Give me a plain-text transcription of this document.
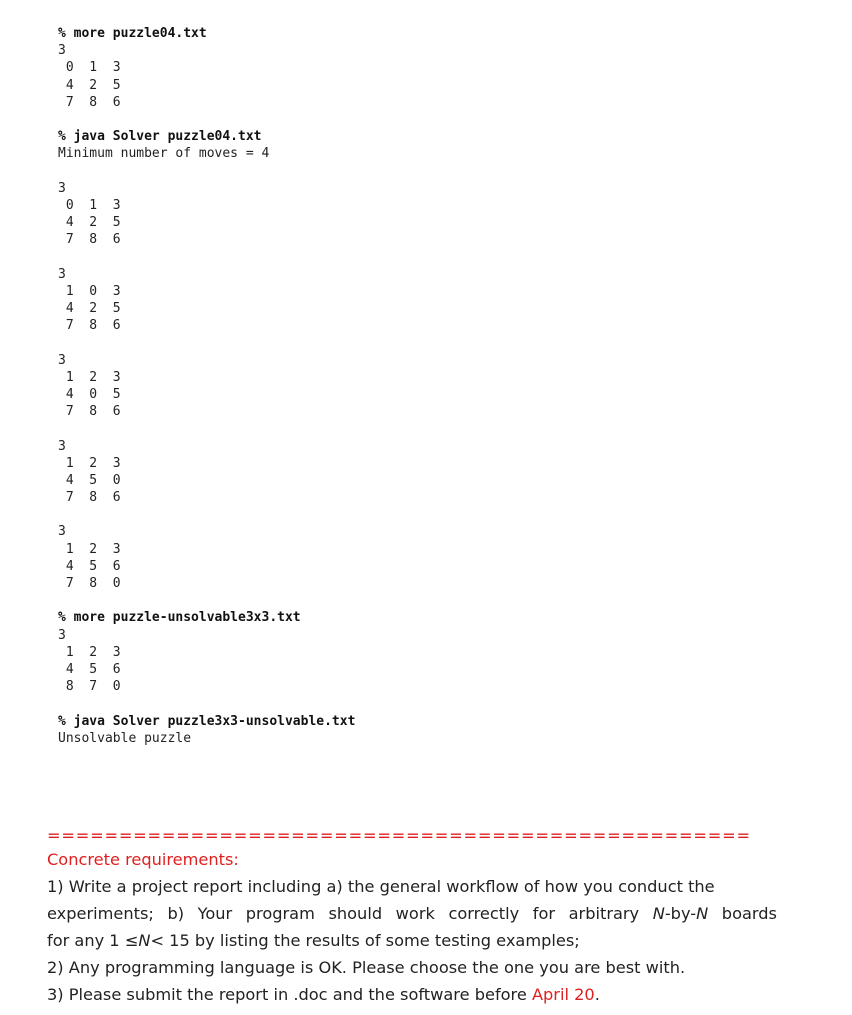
% more puzzle04.txt
3
0  1  3
4  2  5
7  8  6
% java Solver puzzle04.txt
Minimum number of moves = 4
3
0  1  3
4  2  5
7  8  6
3
1  0  3
4  2  5
7  8  6
3
1  2  3
4  0  5
7  8  6
3
1  2  3
4  5  0
7  8  6
3
1  2  3
4  5  6
7  8  0
% more puzzle-unsolvable3x3.txt
3
1  2  3
4  5  6
8  7  0
% java Solver puzzle3x3-unsolvable.txt
Unsolvable puzzle
=================================================
Concrete requirements:
1) Write a project report including a) the general workflow of how you conduct the
experiments; b) Your program should work correctly for arbitrary N-by-N boards
for any 1 ≤N< 15 by listing the results of some testing examples;
2) Any programming language is OK. Please choose the one you are best with.
3) Please submit the report in .doc and the software before April 20.
